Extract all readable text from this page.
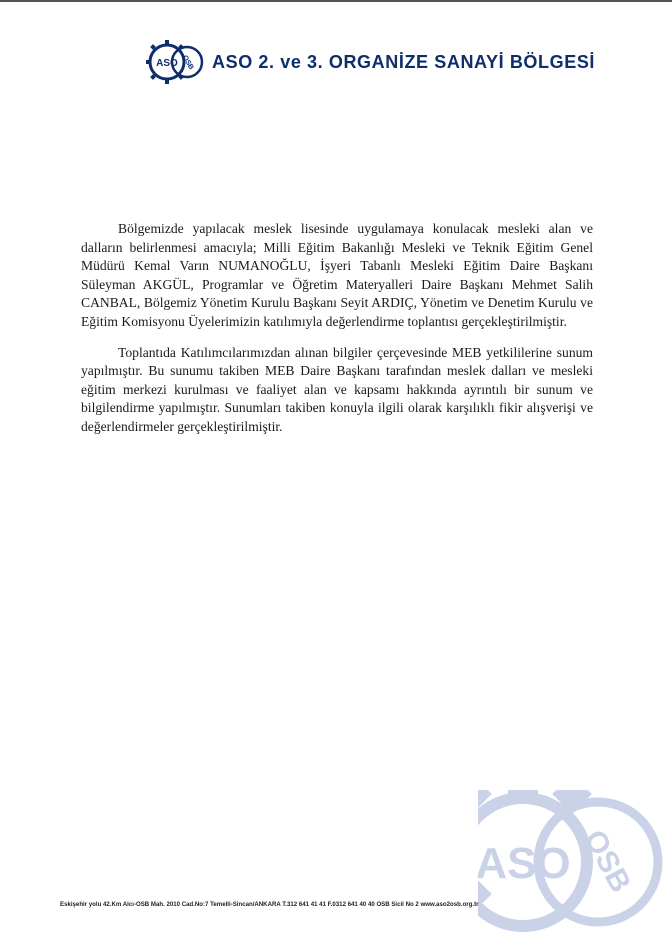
ASO OSB ASO 2. ve 3. ORGANİZE SANAYİ BÖLGESİ

Bölgemizde yapılacak meslek lisesinde uygulamaya konulacak mesleki alan ve dalların belirlenmesi amacıyla; Milli Eğitim Bakanlığı Mesleki ve Teknik Eğitim Genel Müdürü Kemal Varın NUMANOĞLU, İşyeri Tabanlı Mesleki Eğitim Daire Başkanı Süleyman AKGÜL, Programlar ve Öğretim Materyalleri Daire Başkanı Mehmet Salih CANBAL, Bölgemiz Yönetim Kurulu Başkanı Seyit ARDIÇ, Yönetim ve Denetim Kurulu ve Eğitim Komisyonu Üyelerimizin katılımıyla değerlendirme toplantısı gerçekleştirilmiştir.

Toplantıda Katılımcılarımızdan alınan bilgiler çerçevesinde MEB yetkililerine sunum yapılmıştır. Bu sunumu takiben MEB Daire Başkanı tarafından meslek dalları ve mesleki eğitim merkezi kurulması ve faaliyet alan ve kapsamı hakkında ayrıntılı bir sunum ve bilgilendirme yapılmıştır. Sunumları takiben konuyla ilgili olarak karşılıklı fikir alışverişi ve değerlendirmeler gerçekleştirilmiştir.

ASO OSB
Eskişehir yolu 42.Km Alcı-OSB Mah. 2010 Cad.No:7 Temelli-Sincan/ANKARA T.312 641 41 41 F.0312 641 40 40 OSB Sicil No 2 www.aso2osb.org.tr
